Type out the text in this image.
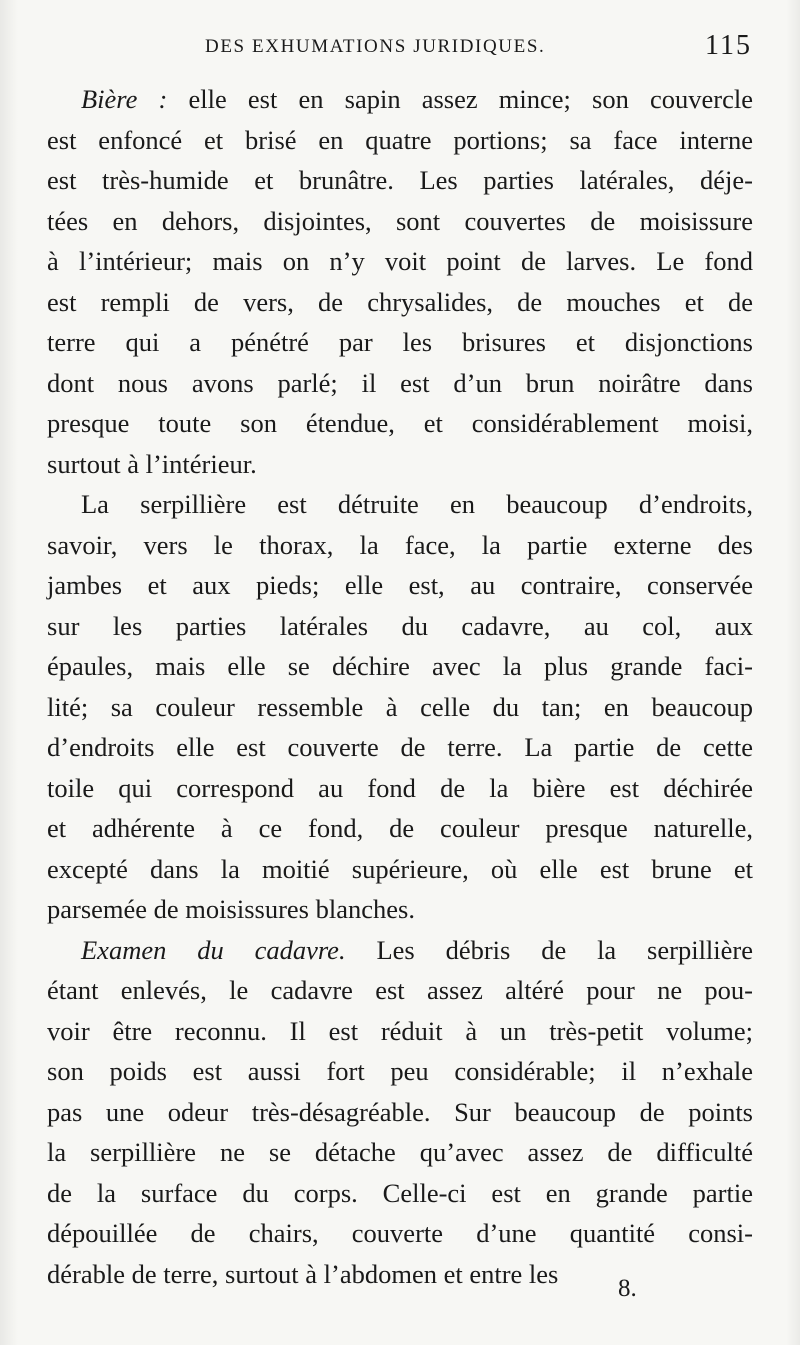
DES EXHUMATIONS JURIDIQUES.	115
Bière : elle est en sapin assez mince; son couvercle
est enfoncé et brisé en quatre portions; sa face interne
est très-humide et brunâtre. Les parties latérales, déje-
tées en dehors, disjointes, sont couvertes de moisissure
à l’intérieur; mais on n’y voit point de larves. Le fond
est rempli de vers, de chrysalides, de mouches et de
terre qui a pénétré par les brisures et disjonctions
dont nous avons parlé; il est d’un brun noirâtre dans
presque toute son étendue, et considérablement moisi,
surtout à l’intérieur.
La serpillière est détruite en beaucoup d’endroits,
savoir, vers le thorax, la face, la partie externe des
jambes et aux pieds; elle est, au contraire, conservée
sur les parties latérales du cadavre, au col, aux
épaules, mais elle se déchire avec la plus grande faci-
lité; sa couleur ressemble à celle du tan; en beaucoup
d’endroits elle est couverte de terre. La partie de cette
toile qui correspond au fond de la bière est déchirée
et adhérente à ce fond, de couleur presque naturelle,
excepté dans la moitié supérieure, où elle est brune et
parsemée de moisissures blanches.
Examen du cadavre. Les débris de la serpillière
étant enlevés, le cadavre est assez altéré pour ne pou-
voir être reconnu. Il est réduit à un très-petit volume;
son poids est aussi fort peu considérable; il n’exhale
pas une odeur très-désagréable. Sur beaucoup de points
la serpillière ne se détache qu’avec assez de difficulté
de la surface du corps. Celle-ci est en grande partie
dépouillée de chairs, couverte d’une quantité consi-
dérable de terre, surtout à l’abdomen et entre les	8.
